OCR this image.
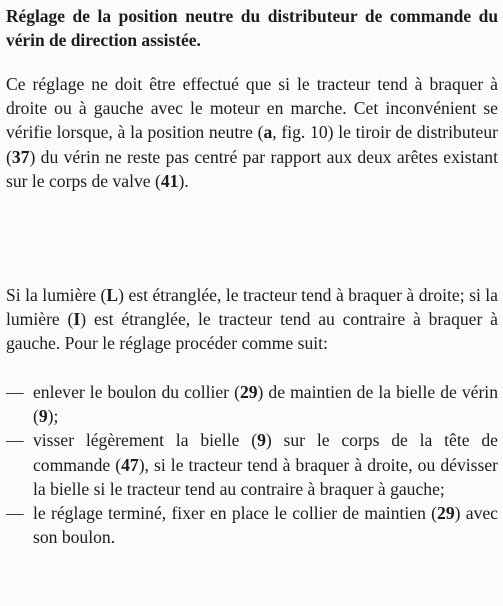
Réglage de la position neutre du distributeur de commande du vérin de direction assistée.

Ce réglage ne doit être effectué que si le tracteur tend à braquer à droite ou à gauche avec le moteur en marche. Cet inconvénient se vérifie lorsque, à la position neutre (a, fig. 10) le tiroir de distributeur (37) du vérin ne reste pas centré par rapport aux deux arêtes existant sur le corps de valve (41).

Si la lumière (L) est étranglée, le tracteur tend à braquer à droite; si la lumière (I) est étranglée, le tracteur tend au contraire à braquer à gauche. Pour le réglage procéder comme suit:

— enlever le boulon du collier (29) de maintien de la bielle de vérin (9);
— visser légèrement la bielle (9) sur le corps de la tête de commande (47), si le tracteur tend à braquer à droite, ou dévisser la bielle si le tracteur tend au contraire à braquer à gauche;
— le réglage terminé, fixer en place le collier de maintien (29) avec son boulon.
